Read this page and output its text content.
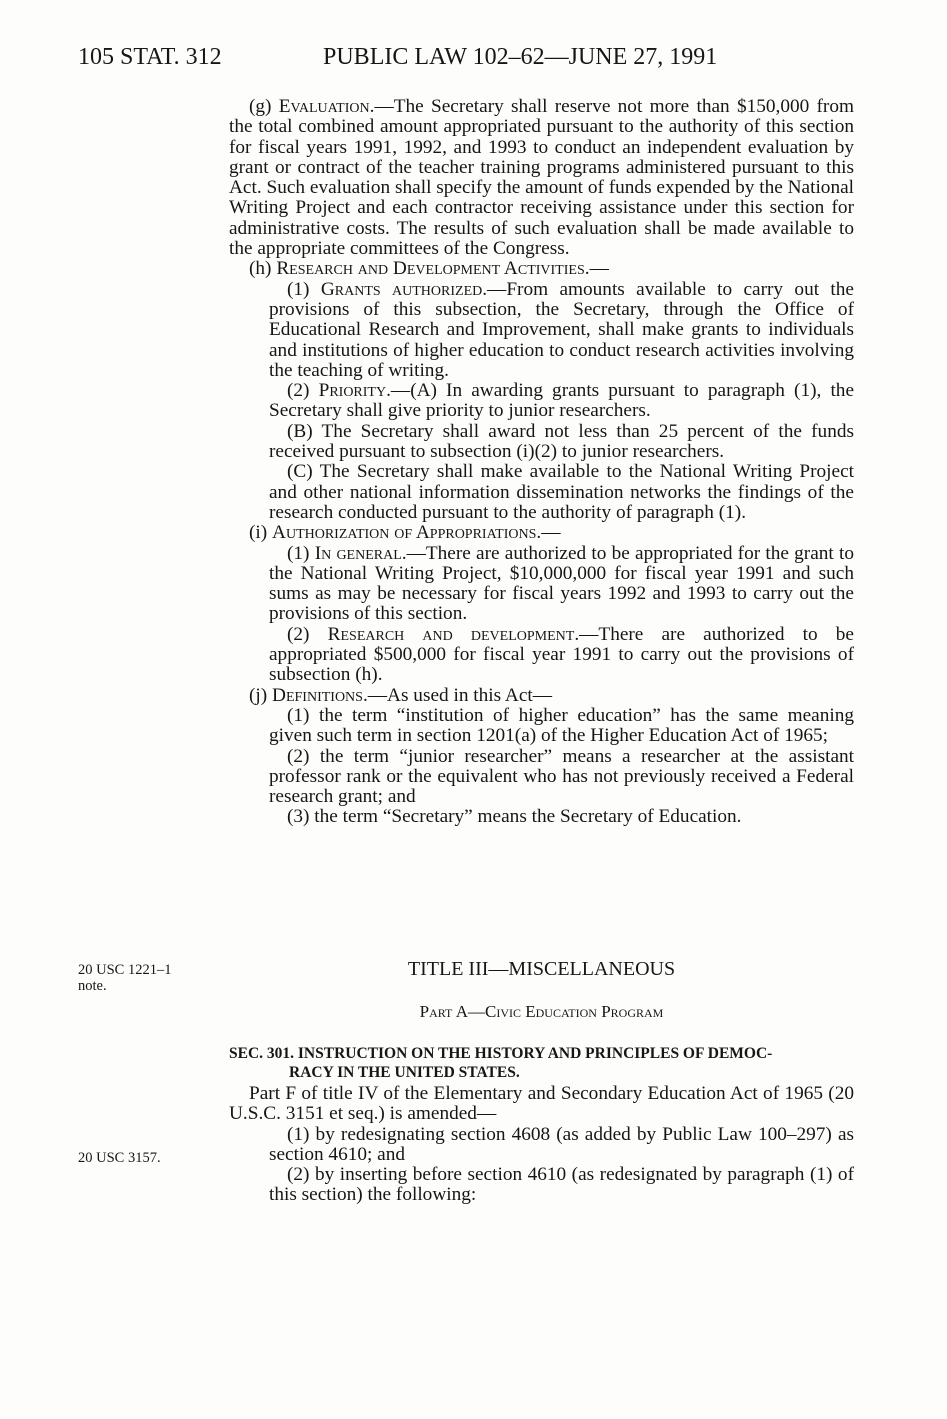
105 STAT. 312	PUBLIC LAW 102–62—JUNE 27, 1991

(g) Evaluation.—The Secretary shall reserve not more than $150,000 from the total combined amount appropriated pursuant to the authority of this section for fiscal years 1991, 1992, and 1993 to conduct an independent evaluation by grant or contract of the teacher training programs administered pursuant to this Act. Such evaluation shall specify the amount of funds expended by the National Writing Project and each contractor receiving assistance under this section for administrative costs. The results of such evaluation shall be made available to the appropriate committees of the Congress.

(h) Research and Development Activities.—

(1) Grants authorized.—From amounts available to carry out the provisions of this subsection, the Secretary, through the Office of Educational Research and Improvement, shall make grants to individuals and institutions of higher education to conduct research activities involving the teaching of writing.

(2) Priority.—(A) In awarding grants pursuant to paragraph (1), the Secretary shall give priority to junior researchers.

(B) The Secretary shall award not less than 25 percent of the funds received pursuant to subsection (i)(2) to junior researchers.

(C) The Secretary shall make available to the National Writing Project and other national information dissemination networks the findings of the research conducted pursuant to the authority of paragraph (1).

(i) Authorization of Appropriations.—

(1) In general.—There are authorized to be appropriated for the grant to the National Writing Project, $10,000,000 for fiscal year 1991 and such sums as may be necessary for fiscal years 1992 and 1993 to carry out the provisions of this section.

(2) Research and development.—There are authorized to be appropriated $500,000 for fiscal year 1991 to carry out the provisions of subsection (h).

(j) Definitions.—As used in this Act—

(1) the term “institution of higher education” has the same meaning given such term in section 1201(a) of the Higher Education Act of 1965;

(2) the term “junior researcher” means a researcher at the assistant professor rank or the equivalent who has not previously received a Federal research grant; and

(3) the term “Secretary” means the Secretary of Education.

20 USC 1221–1
note.
20 USC 3157.
TITLE III—MISCELLANEOUS
Part A—Civic Education Program
SEC. 301. INSTRUCTION ON THE HISTORY AND PRINCIPLES OF DEMOC-
RACY IN THE UNITED STATES.

Part F of title IV of the Elementary and Secondary Education Act of 1965 (20 U.S.C. 3151 et seq.) is amended—

(1) by redesignating section 4608 (as added by Public Law 100–297) as section 4610; and

(2) by inserting before section 4610 (as redesignated by paragraph (1) of this section) the following:
